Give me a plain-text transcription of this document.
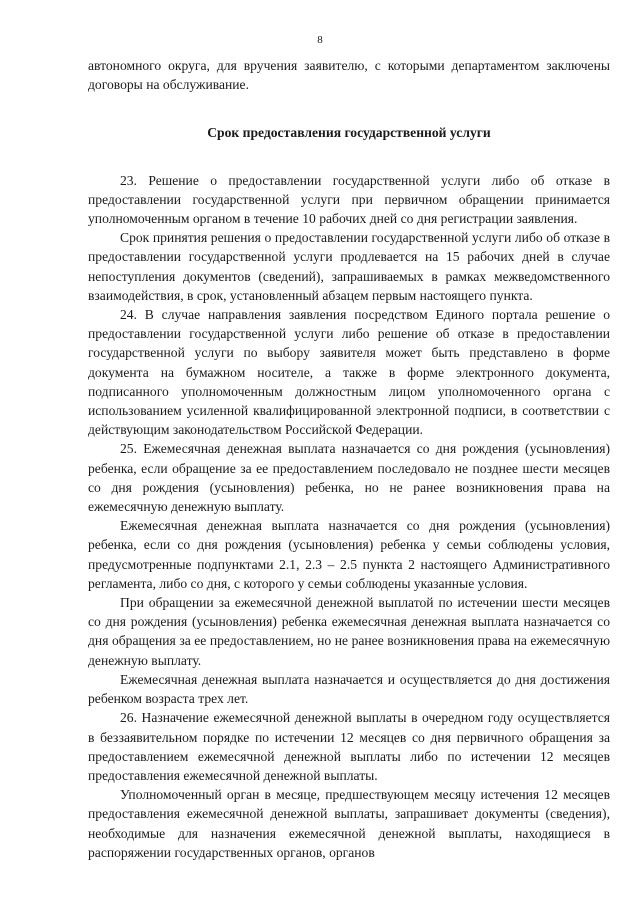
8

автономного округа, для вручения заявителю, с которыми департаментом заключены договоры на обслуживание.

Срок предоставления государственной услуги

23. Решение о предоставлении государственной услуги либо об отказе в предоставлении государственной услуги при первичном обращении принимается уполномоченным органом в течение 10 рабочих дней со дня регистрации заявления.

Срок принятия решения о предоставлении государственной услуги либо об отказе в предоставлении государственной услуги продлевается на 15 рабочих дней в случае непоступления документов (сведений), запрашиваемых в рамках межведомственного взаимодействия, в срок, установленный абзацем первым настоящего пункта.

24. В случае направления заявления посредством Единого портала решение о предоставлении государственной услуги либо решение об отказе в предоставлении государственной услуги по выбору заявителя может быть представлено в форме документа на бумажном носителе, а также в форме электронного документа, подписанного уполномоченным должностным лицом уполномоченного органа с использованием усиленной квалифицированной электронной подписи, в соответствии с действующим законодательством Российской Федерации.

25. Ежемесячная денежная выплата назначается со дня рождения (усыновления) ребенка, если обращение за ее предоставлением последовало не позднее шести месяцев со дня рождения (усыновления) ребенка, но не ранее возникновения права на ежемесячную денежную выплату.

Ежемесячная денежная выплата назначается со дня рождения (усыновления) ребенка, если со дня рождения (усыновления) ребенка у семьи соблюдены условия, предусмотренные подпунктами 2.1, 2.3 – 2.5 пункта 2 настоящего Административного регламента, либо со дня, с которого у семьи соблюдены указанные условия.

При обращении за ежемесячной денежной выплатой по истечении шести месяцев со дня рождения (усыновления) ребенка ежемесячная денежная выплата назначается со дня обращения за ее предоставлением, но не ранее возникновения права на ежемесячную денежную выплату.

Ежемесячная денежная выплата назначается и осуществляется до дня достижения ребенком возраста трех лет.

26. Назначение ежемесячной денежной выплаты в очередном году осуществляется в беззаявительном порядке по истечении 12 месяцев со дня первичного обращения за предоставлением ежемесячной денежной выплаты либо по истечении 12 месяцев предоставления ежемесячной денежной выплаты.

Уполномоченный орган в месяце, предшествующем месяцу истечения 12 месяцев предоставления ежемесячной денежной выплаты, запрашивает документы (сведения), необходимые для назначения ежемесячной денежной выплаты, находящиеся в распоряжении государственных органов, органов
